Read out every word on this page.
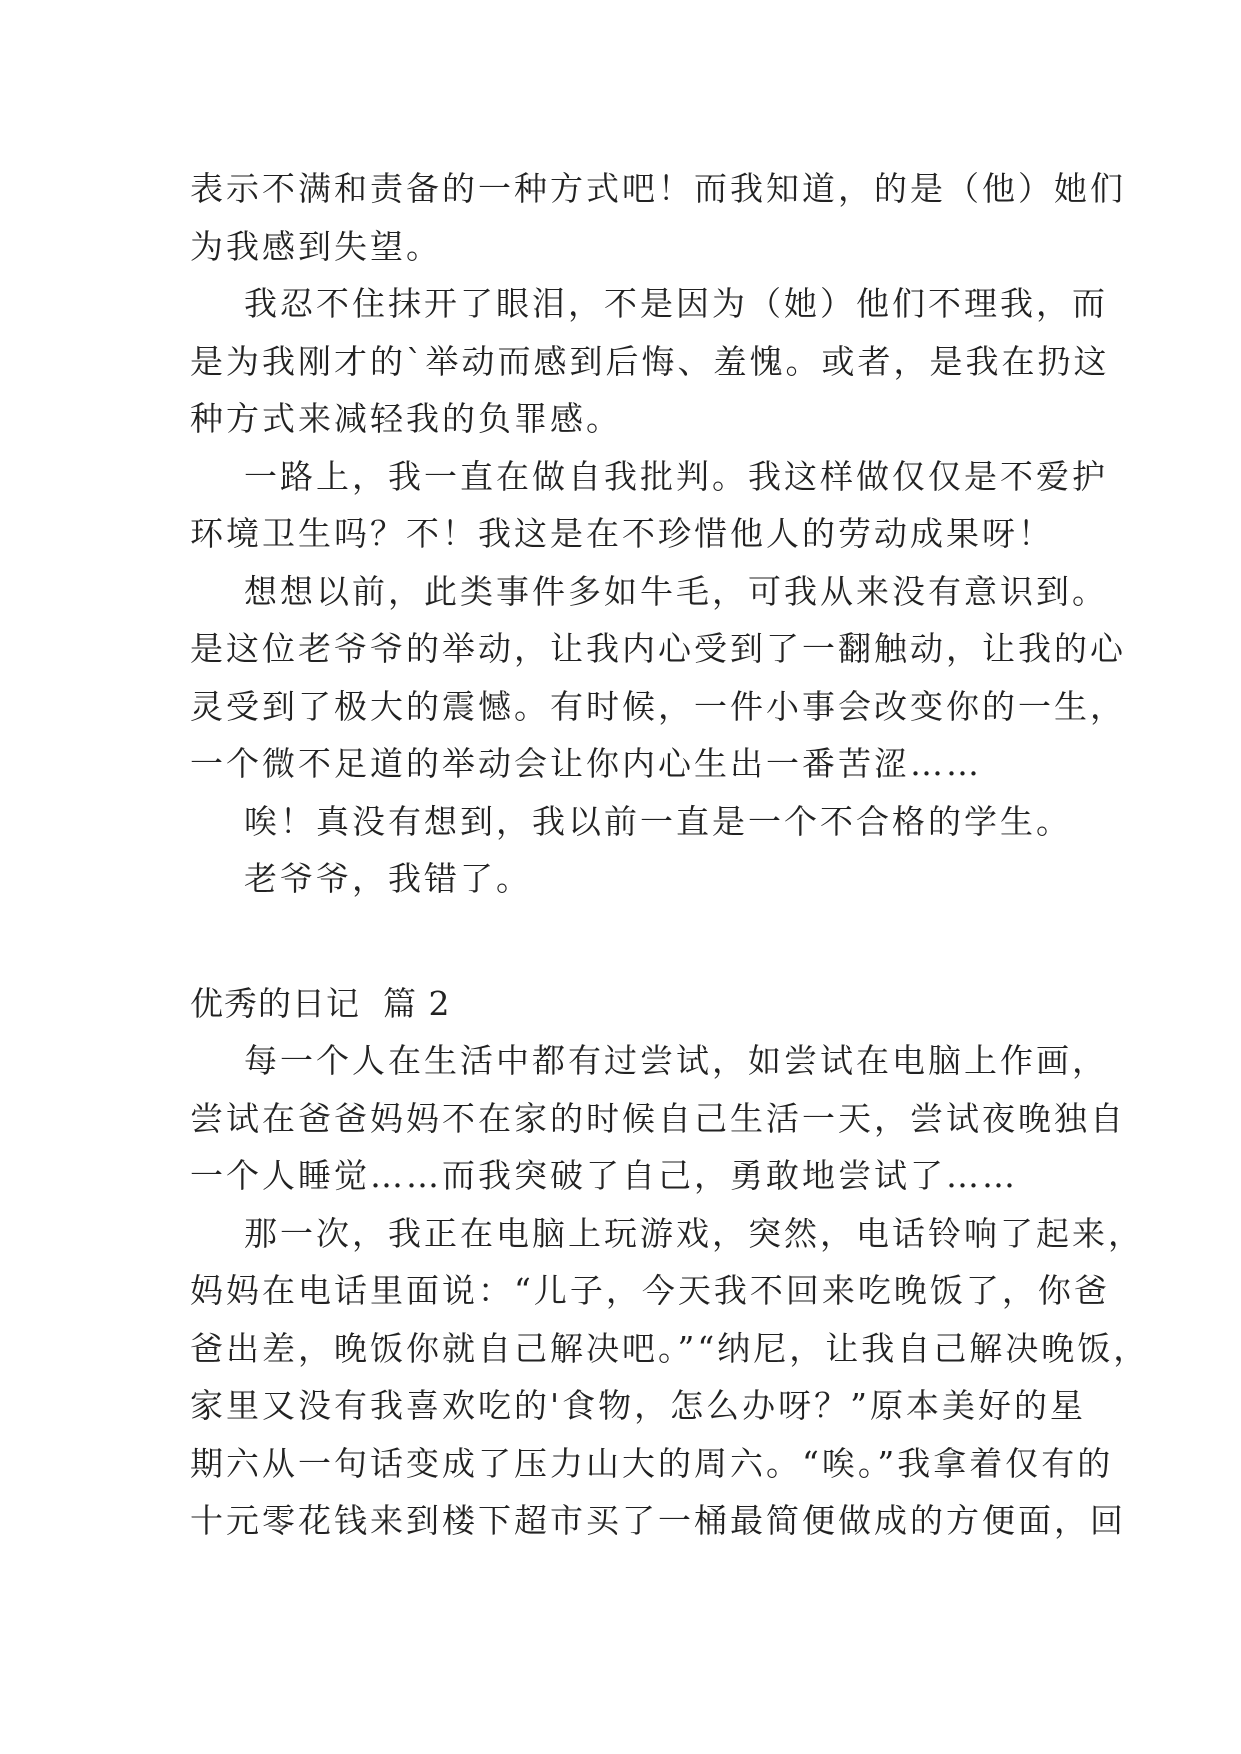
表示不满和责备的一种方式吧！而我知道，的是（他）她们
为我感到失望。
我忍不住抹开了眼泪，不是因为（她）他们不理我，而
是为我刚才的`举动而感到后悔、羞愧。或者，是我在扔这
种方式来减轻我的负罪感。
一路上，我一直在做自我批判。我这样做仅仅是不爱护
环境卫生吗？不！我这是在不珍惜他人的劳动成果呀！
想想以前，此类事件多如牛毛，可我从来没有意识到。
是这位老爷爷的举动，让我内心受到了一翻触动，让我的心
灵受到了极大的震憾。有时候，一件小事会改变你的一生，
一个微不足道的举动会让你内心生出一番苦涩……
唉！真没有想到，我以前一直是一个不合格的学生。
老爷爷，我错了。
优秀的日记  篇 2
每一个人在生活中都有过尝试，如尝试在电脑上作画，
尝试在爸爸妈妈不在家的时候自己生活一天，尝试夜晚独自
一个人睡觉……而我突破了自己，勇敢地尝试了……
那一次，我正在电脑上玩游戏，突然，电话铃响了起来，
妈妈在电话里面说：“儿子，今天我不回来吃晚饭了，你爸
爸出差，晚饭你就自己解决吧。”“纳尼，让我自己解决晚饭，
家里又没有我喜欢吃的'食物，怎么办呀？”原本美好的星
期六从一句话变成了压力山大的周六。“唉。”我拿着仅有的
十元零花钱来到楼下超市买了一桶最简便做成的方便面，回
